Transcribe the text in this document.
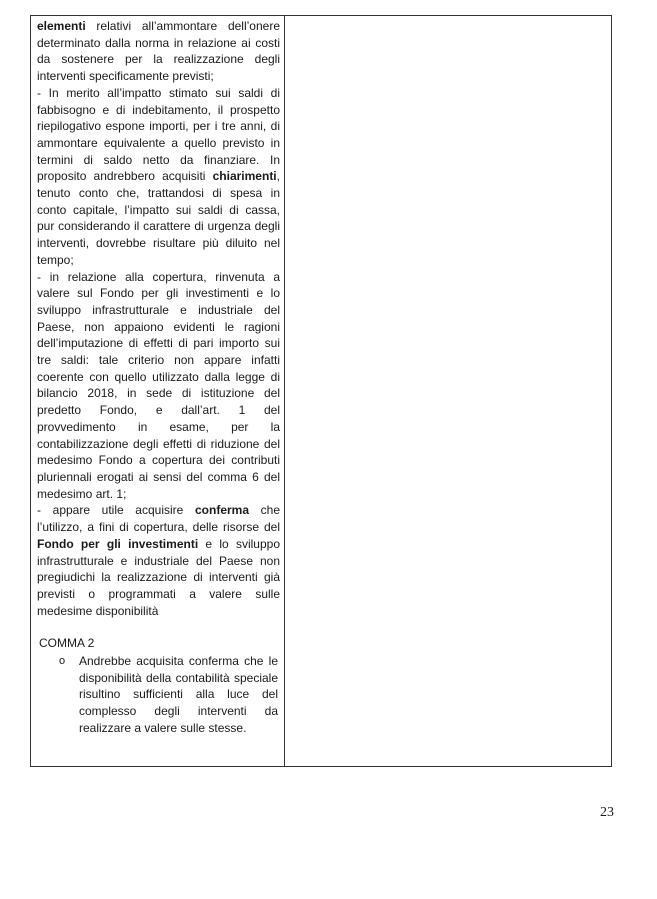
elementi relativi all’ammontare dell’onere determinato dalla norma in relazione ai costi da sostenere per la realizzazione degli interventi specificamente previsti;

- In merito all’impatto stimato sui saldi di fabbisogno e di indebitamento, il prospetto riepilogativo espone importi, per i tre anni, di ammontare equivalente a quello previsto in termini di saldo netto da finanziare. In proposito andrebbero acquisiti chiarimenti, tenuto conto che, trattandosi di spesa in conto capitale, l’impatto sui saldi di cassa, pur considerando il carattere di urgenza degli interventi, dovrebbe risultare più diluito nel tempo;

- in relazione alla copertura, rinvenuta a valere sul Fondo per gli investimenti e lo sviluppo infrastrutturale e industriale del Paese, non appaiono evidenti le ragioni dell’imputazione di effetti di pari importo sui tre saldi: tale criterio non appare infatti coerente con quello utilizzato dalla legge di bilancio 2018, in sede di istituzione del predetto Fondo, e dall’art. 1 del provvedimento in esame, per la contabilizzazione degli effetti di riduzione del medesimo Fondo a copertura dei contributi pluriennali erogati ai sensi del comma 6 del medesimo art. 1;

- appare utile acquisire conferma che l’utilizzo, a fini di copertura, delle risorse del Fondo per gli investimenti e lo sviluppo infrastrutturale e industriale del Paese non pregiudichi la realizzazione di interventi già previsti o programmati a valere sulle medesime disponibilità

COMMA 2

o	Andrebbe acquisita conferma che le disponibilità della contabilità speciale risultino sufficienti alla luce del complesso degli interventi da realizzare a valere sulle stesse.
23
